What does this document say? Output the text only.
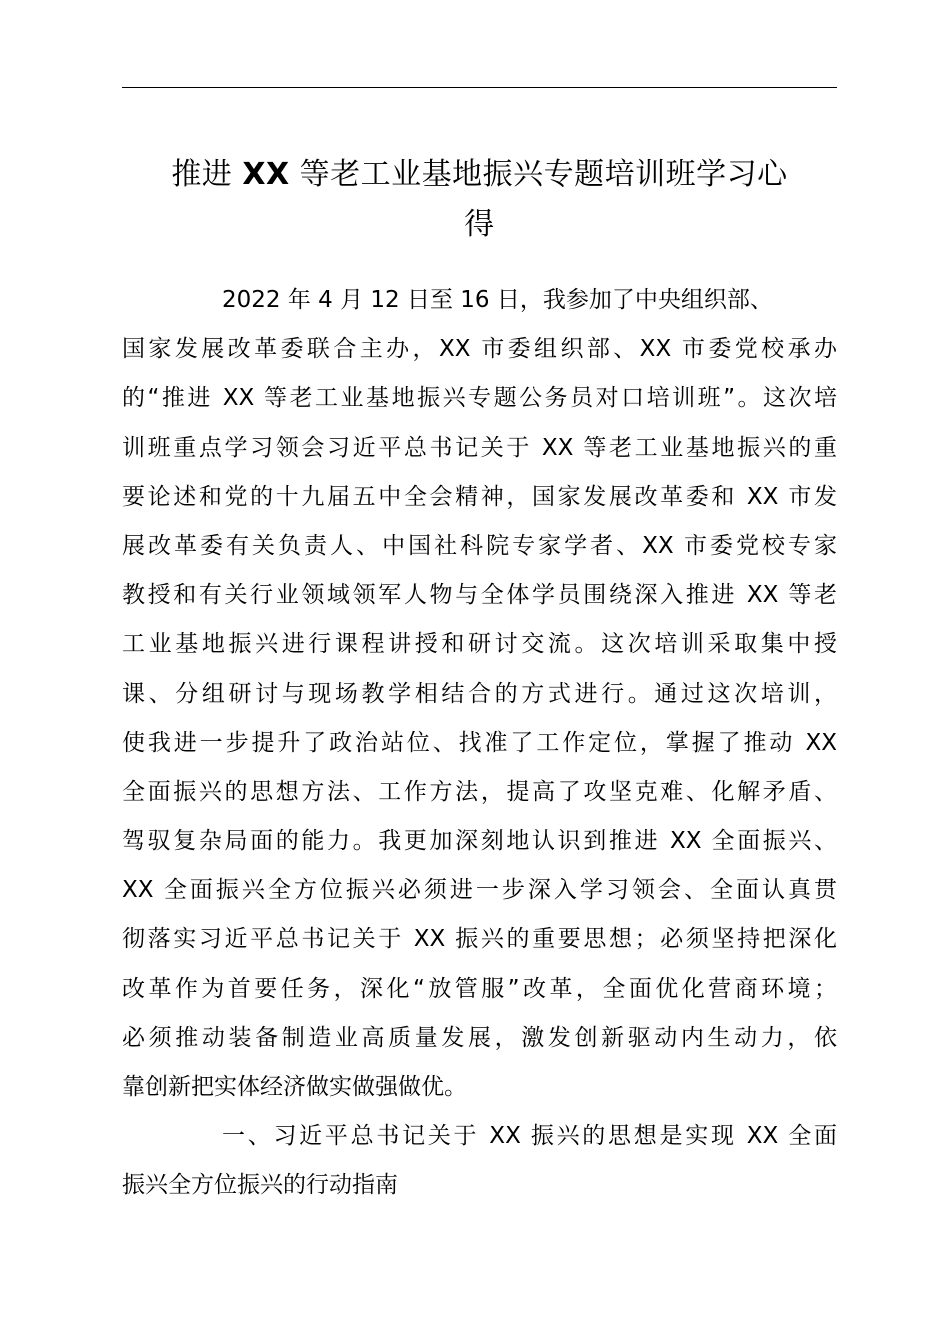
推进 XX 等老工业基地振兴专题培训班学习心
得

2022 年 4 月 12 日至 16 日，我参加了中央组织部、
国家发展改革委联合主办，XX 市委组织部、XX 市委党校承办
的“推进 XX 等老工业基地振兴专题公务员对口培训班”。这次培
训班重点学习领会习近平总书记关于 XX 等老工业基地振兴的重
要论述和党的十九届五中全会精神，国家发展改革委和 XX 市发
展改革委有关负责人、中国社科院专家学者、XX 市委党校专家
教授和有关行业领域领军人物与全体学员围绕深入推进 XX 等老
工业基地振兴进行课程讲授和研讨交流。这次培训采取集中授
课、分组研讨与现场教学相结合的方式进行。通过这次培训，
使我进一步提升了政治站位、找准了工作定位，掌握了推动 XX
全面振兴的思想方法、工作方法，提高了攻坚克难、化解矛盾、
驾驭复杂局面的能力。我更加深刻地认识到推进 XX 全面振兴、
XX 全面振兴全方位振兴必须进一步深入学习领会、全面认真贯
彻落实习近平总书记关于 XX 振兴的重要思想；必须坚持把深化
改革作为首要任务，深化“放管服”改革，全面优化营商环境；
必须推动装备制造业高质量发展，激发创新驱动内生动力，依
靠创新把实体经济做实做强做优。

一、习近平总书记关于 XX 振兴的思想是实现 XX 全面
振兴全方位振兴的行动指南
